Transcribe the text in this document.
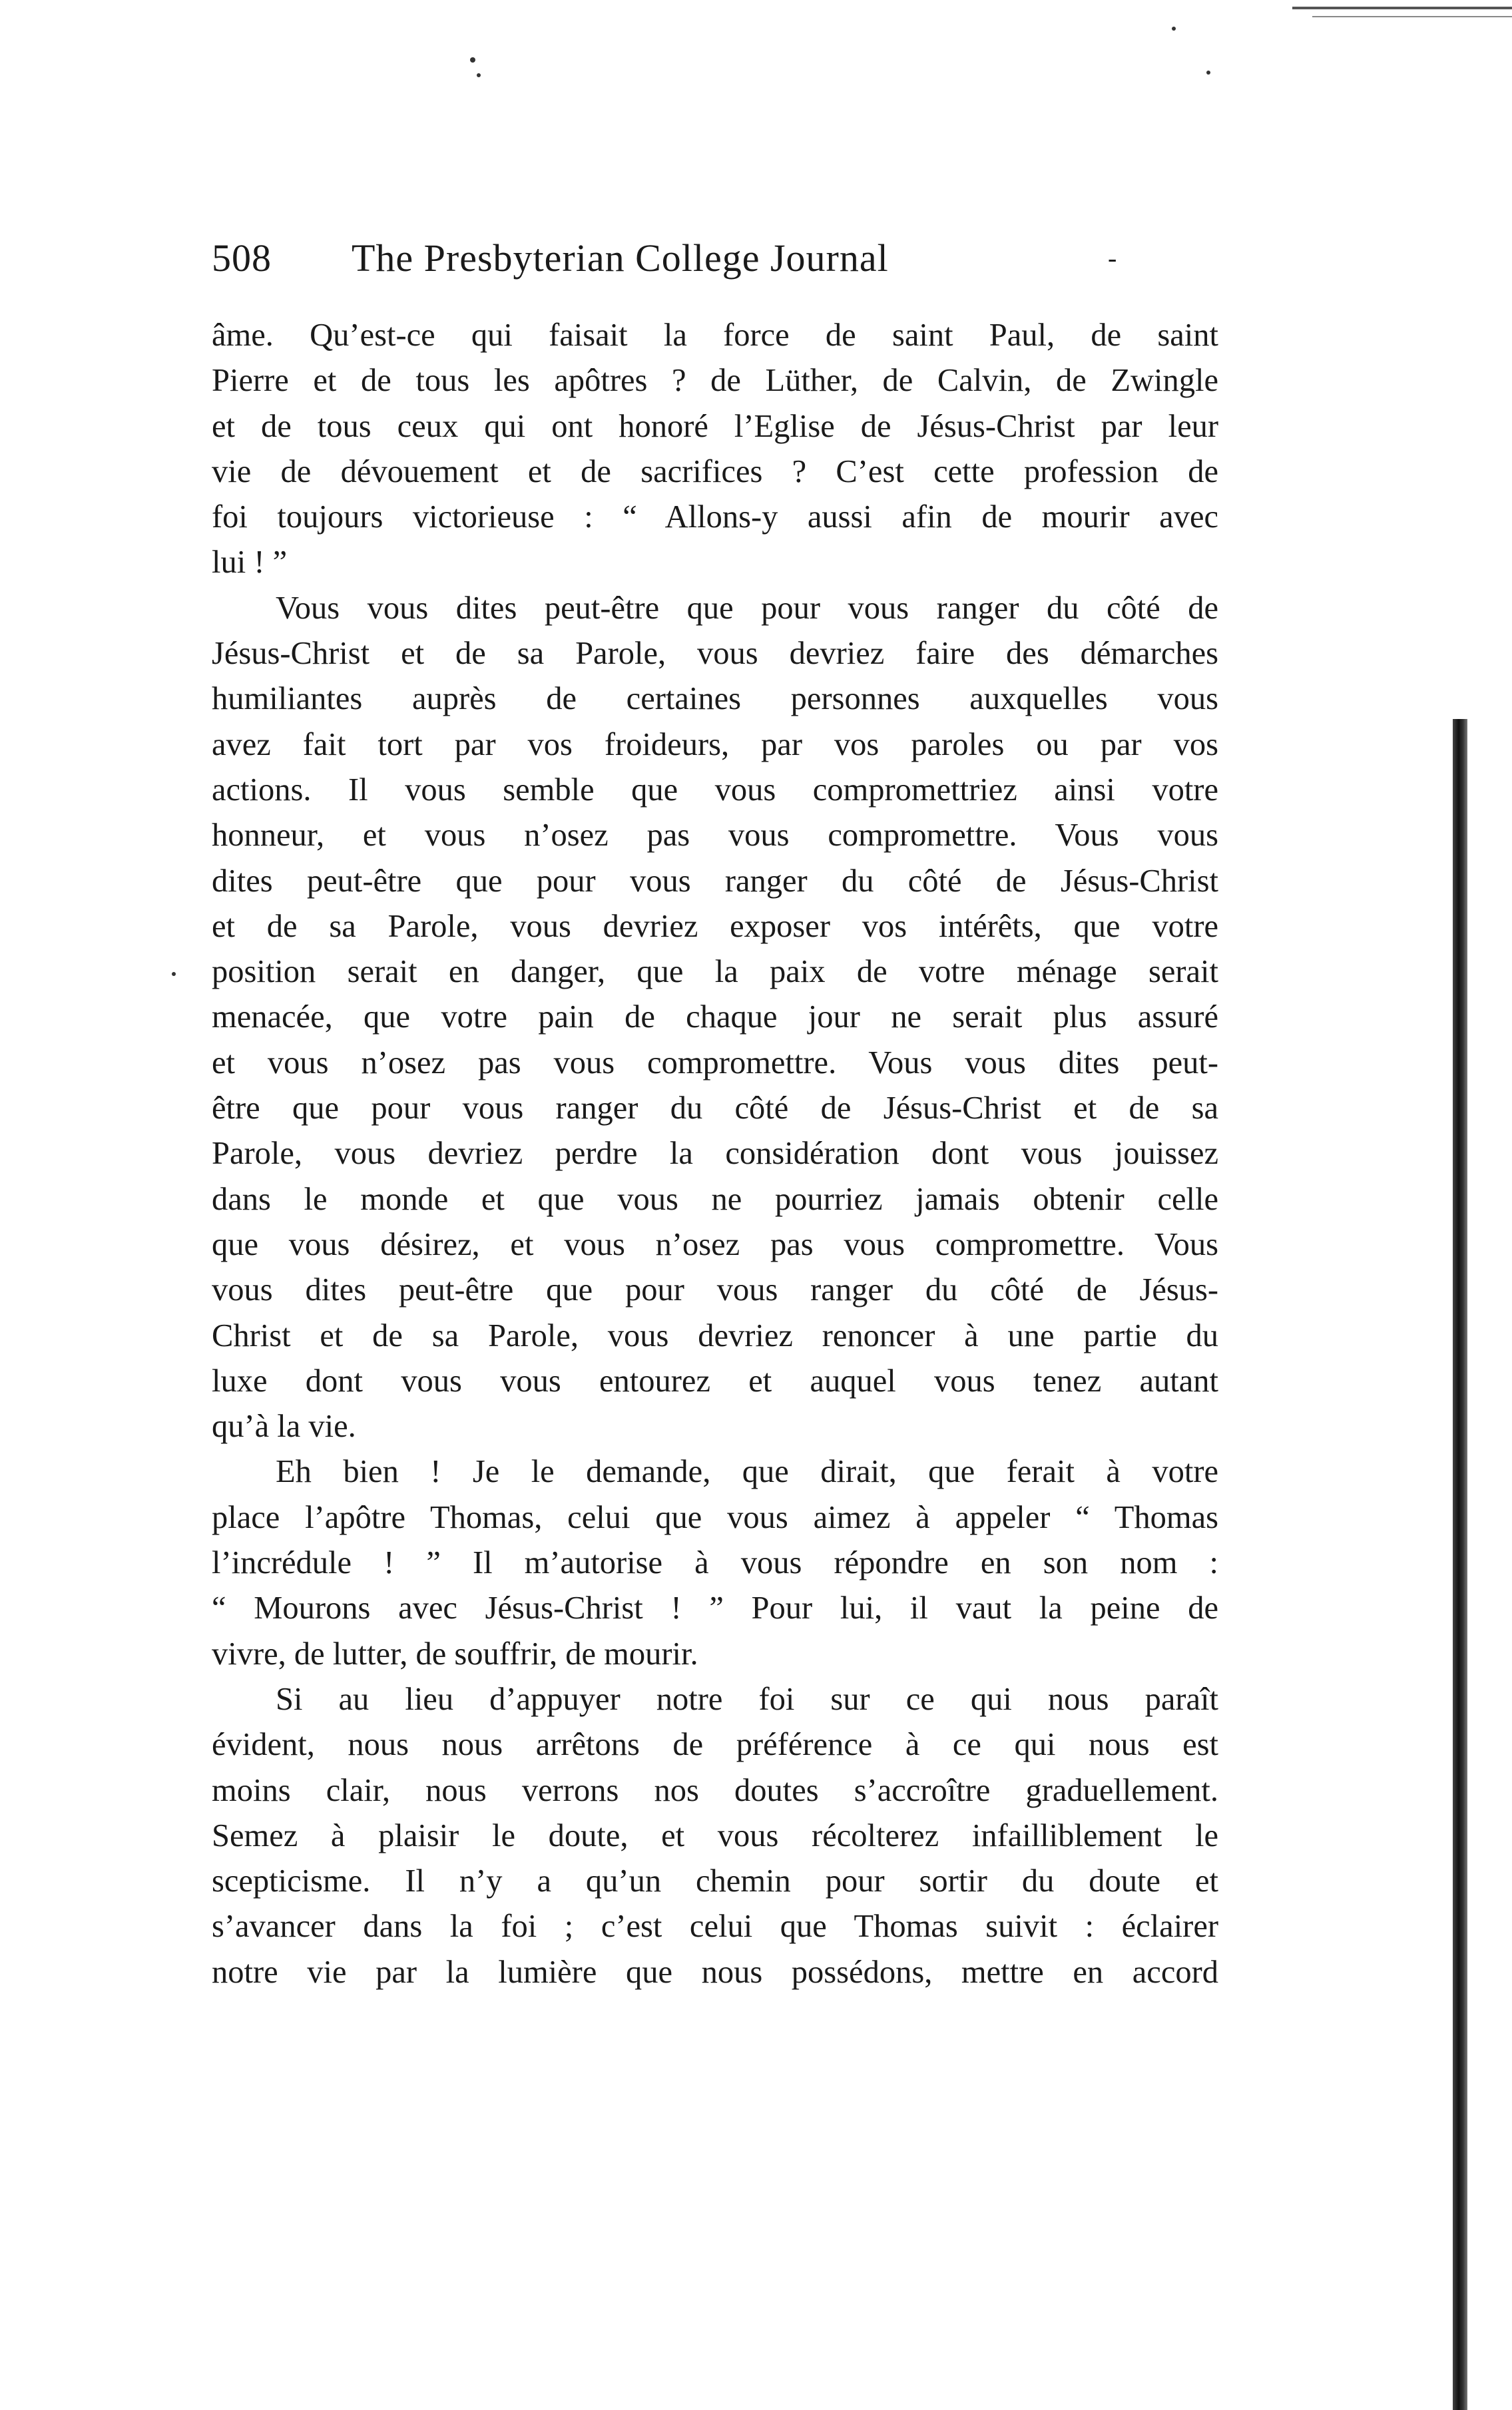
508 The Presbyterian College Journal	-
âme. Qu’est-ce qui faisait la force de saint Paul, de saint
Pierre et de tous les apôtres ? de Lüther, de Calvin, de Zwingle
et de tous ceux qui ont honoré l’Eglise de Jésus-Christ par leur
vie de dévouement et de sacrifices ? C’est cette profession de
foi toujours victorieuse : “ Allons-y aussi afin de mourir avec
lui ! ”
Vous vous dites peut-être que pour vous ranger du côté de
Jésus-Christ et de sa Parole, vous devriez faire des démarches
humiliantes auprès de certaines personnes auxquelles vous
avez fait tort par vos froideurs, par vos paroles ou par vos
actions. Il vous semble que vous compromettriez ainsi votre
honneur, et vous n’osez pas vous compromettre. Vous vous
dites peut-être que pour vous ranger du côté de Jésus-Christ
et de sa Parole, vous devriez exposer vos intérêts, que votre
position serait en danger, que la paix de votre ménage serait
menacée, que votre pain de chaque jour ne serait plus assuré
et vous n’osez pas vous compromettre. Vous vous dites peut-
être que pour vous ranger du côté de Jésus-Christ et de sa
Parole, vous devriez perdre la considération dont vous jouissez
dans le monde et que vous ne pourriez jamais obtenir celle
que vous désirez, et vous n’osez pas vous compromettre. Vous
vous dites peut-être que pour vous ranger du côté de Jésus-
Christ et de sa Parole, vous devriez renoncer à une partie du
luxe dont vous vous entourez et auquel vous tenez autant
qu’à la vie.
Eh bien ! Je le demande, que dirait, que ferait à votre
place l’apôtre Thomas, celui que vous aimez à appeler “ Thomas
l’incrédule ! ” Il m’autorise à vous répondre en son nom :
“ Mourons avec Jésus-Christ ! ” Pour lui, il vaut la peine de
vivre, de lutter, de souffrir, de mourir.
Si au lieu d’appuyer notre foi sur ce qui nous paraît
évident, nous nous arrêtons de préférence à ce qui nous est
moins clair, nous verrons nos doutes s’accroître graduellement.
Semez à plaisir le doute, et vous récolterez infailliblement le
scepticisme. Il n’y a qu’un chemin pour sortir du doute et
s’avancer dans la foi ; c’est celui que Thomas suivit : éclairer
notre vie par la lumière que nous possédons, mettre en accord
